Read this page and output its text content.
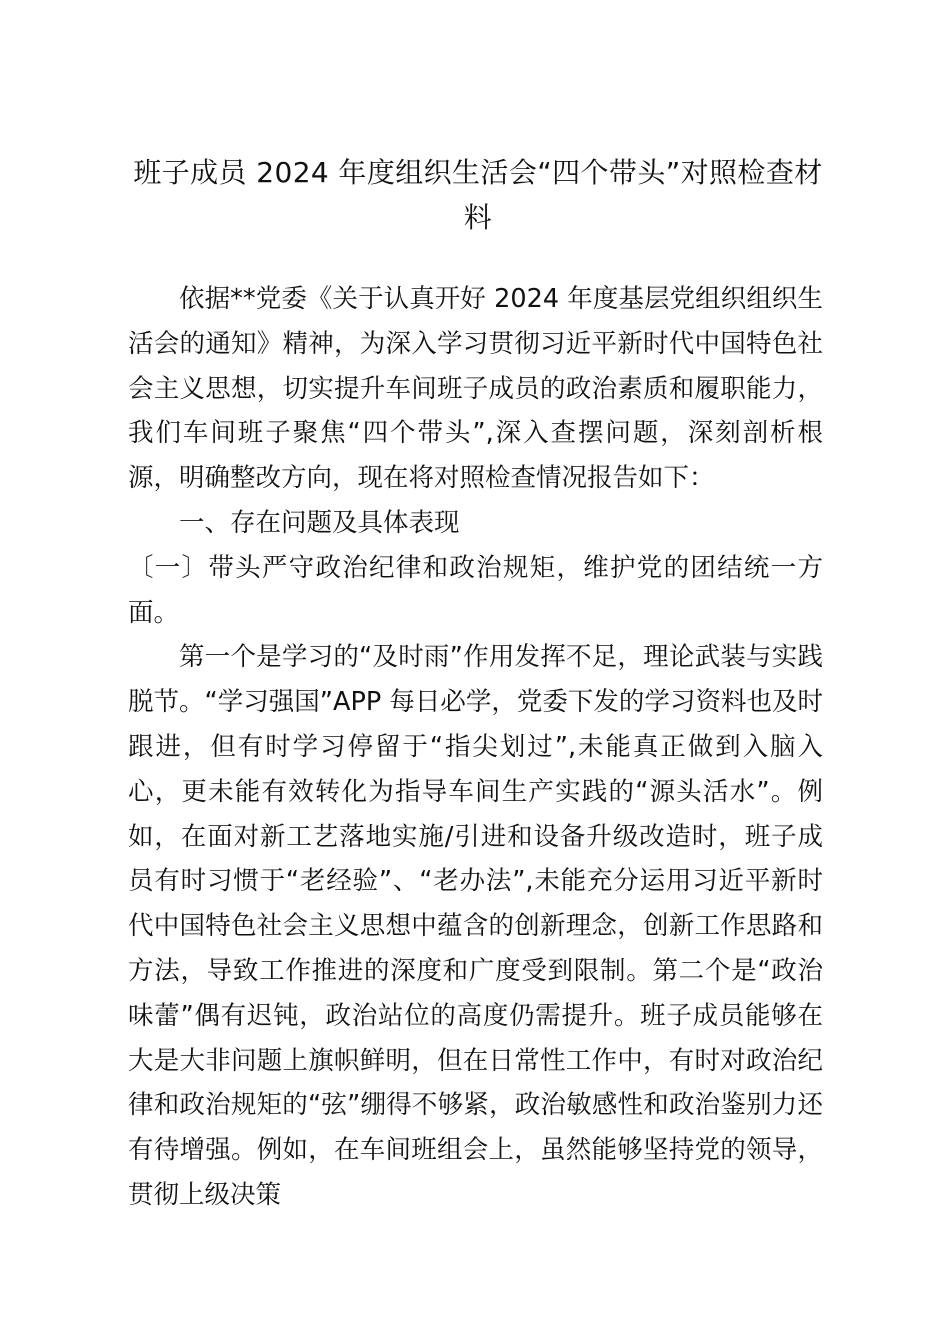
班子成员 2024 年度组织生活会“四个带头”对照检查材料

依据**党委《关于认真开好 2024 年度基层党组织组织生活会的通知》精神，为深入学习贯彻习近平新时代中国特色社会主义思想，切实提升车间班子成员的政治素质和履职能力，我们车间班子聚焦“四个带头”,深入查摆问题，深刻剖析根源，明确整改方向，现在将对照检查情况报告如下：

一、存在问题及具体表现

〔一〕带头严守政治纪律和政治规矩，维护党的团结统一方面。

第一个是学习的“及时雨”作用发挥不足，理论武装与实践脱节。“学习强国”APP 每日必学，党委下发的学习资料也及时跟进，但有时学习停留于“指尖划过”,未能真正做到入脑入心，更未能有效转化为指导车间生产实践的“源头活水”。例如，在面对新工艺落地实施/引进和设备升级改造时，班子成员有时习惯于“老经验”、“老办法”,未能充分运用习近平新时代中国特色社会主义思想中蕴含的创新理念，创新工作思路和方法，导致工作推进的深度和广度受到限制。第二个是“政治味蕾”偶有迟钝，政治站位的高度仍需提升。班子成员能够在大是大非问题上旗帜鲜明，但在日常性工作中，有时对政治纪律和政治规矩的“弦”绷得不够紧，政治敏感性和政治鉴别力还有待增强。例如，在车间班组会上，虽然能够坚持党的领导，贯彻上级决策
